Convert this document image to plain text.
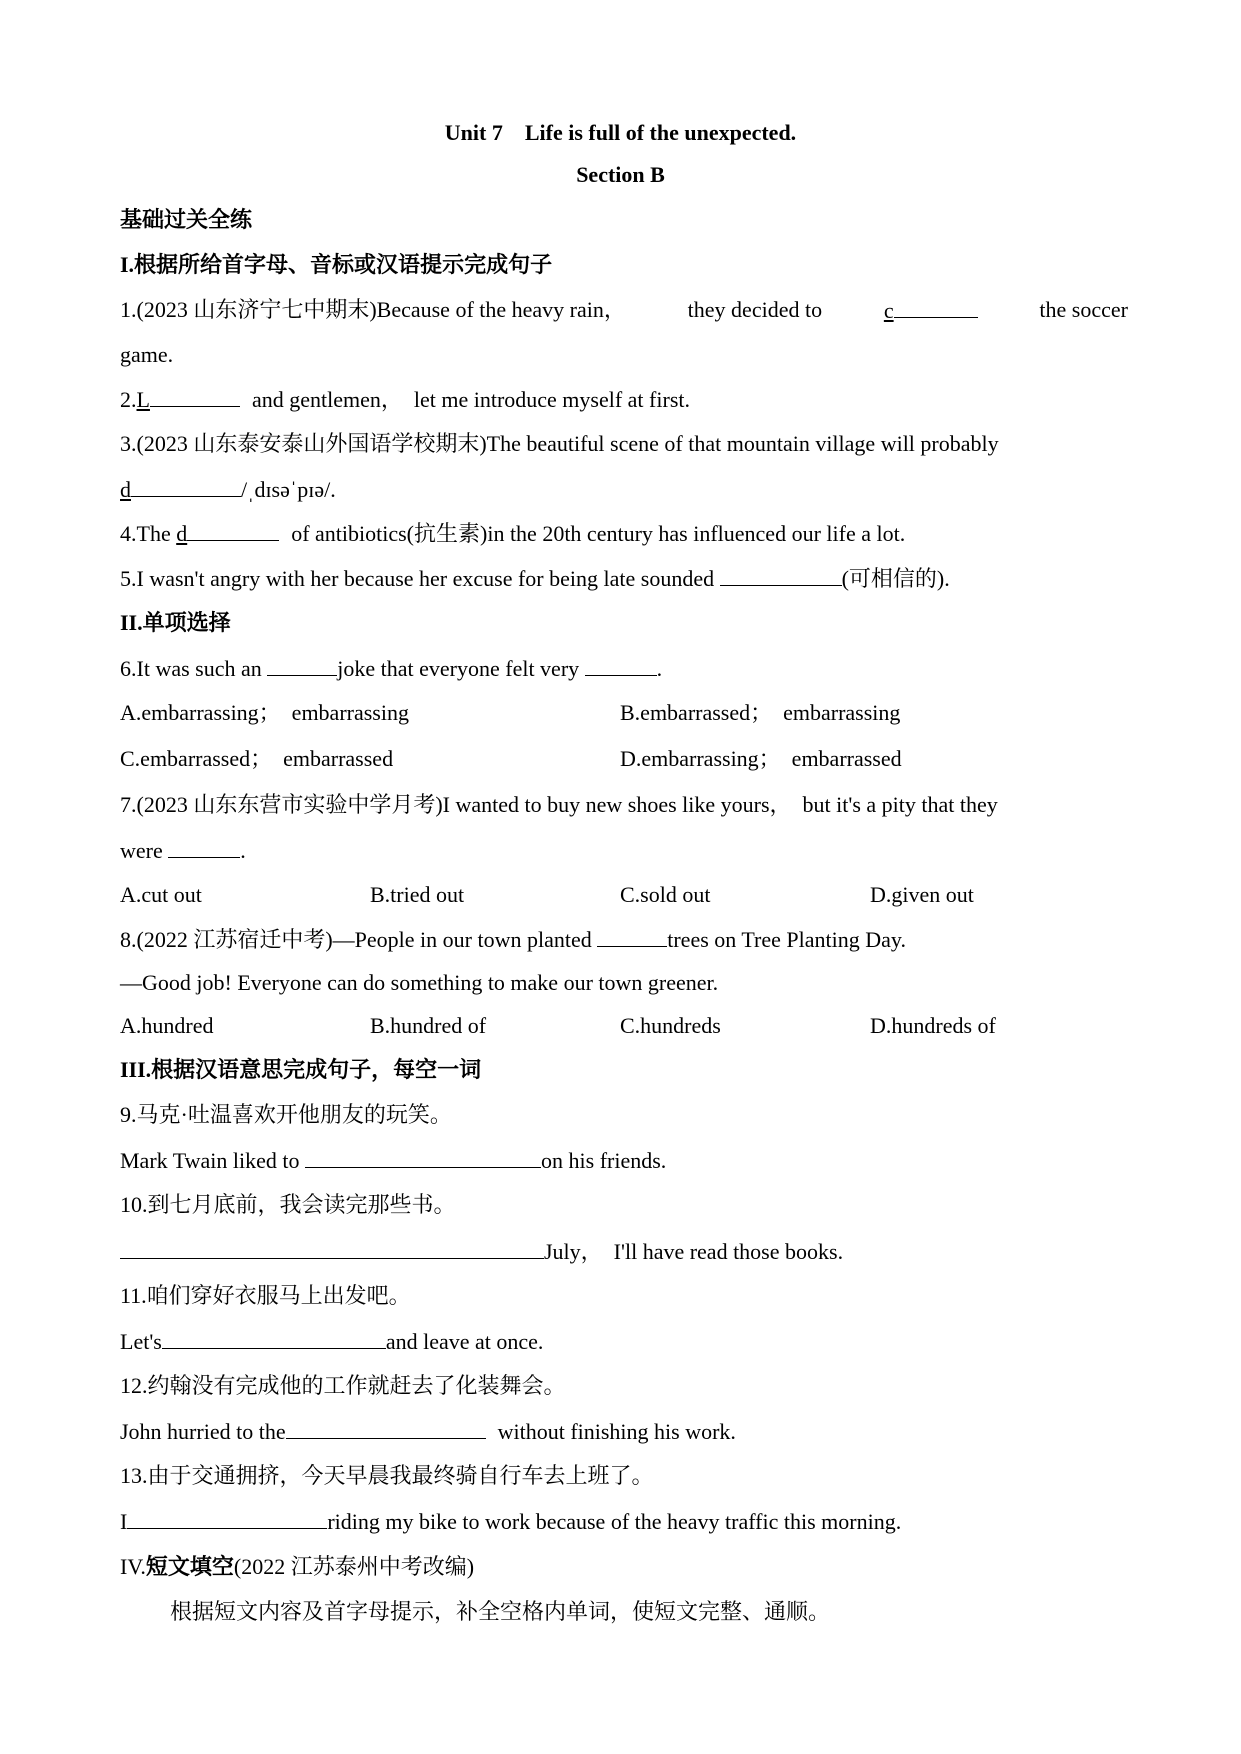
Unit 7　Life is full of the unexpected.
Section B
基础过关全练
I.根据所给首字母、音标或汉语提示完成句子
1.(2023 山东济宁七中期末)Because of the heavy rain，	they decided to	c	the soccer
game.
2.L	and gentlemen，　let me introduce myself at first.
3.(2023 山东泰安泰山外国语学校期末)The beautiful scene of that mountain village will probably
d	/ˌdɪsəˈpɪə/.
4.The d	of antibiotics(抗生素)in the 20th century has influenced our life a lot.
5.I wasn't angry with her because her excuse for being late sounded	(可相信的).
II.单项选择
6.It was such an	joke that everyone felt very	.
A.embarrassing；　embarrassing	B.embarrassed；　embarrassing
C.embarrassed；　embarrassed	D.embarrassing；　embarrassed
7.(2023 山东东营市实验中学月考)I wanted to buy new shoes like yours，　but it's a pity that they
were	.
A.cut out	B.tried out	C.sold out	D.given out
8.(2022 江苏宿迁中考)—People in our town planted	trees on Tree Planting Day.
—Good job! Everyone can do something to make our town greener.
A.hundred	B.hundred of	C.hundreds	D.hundreds of
III.根据汉语意思完成句子，每空一词
9.马克·吐温喜欢开他朋友的玩笑。
Mark Twain liked to	on his friends.
10.到七月底前，我会读完那些书。
July，　I'll have read those books.
11.咱们穿好衣服马上出发吧。
Let's	and leave at once.
12.约翰没有完成他的工作就赶去了化装舞会。
John hurried to the	without finishing his work.
13.由于交通拥挤，今天早晨我最终骑自行车去上班了。
I	riding my bike to work because of the heavy traffic this morning.
IV.短文填空(2022 江苏泰州中考改编)
根据短文内容及首字母提示，补全空格内单词，使短文完整、通顺。
